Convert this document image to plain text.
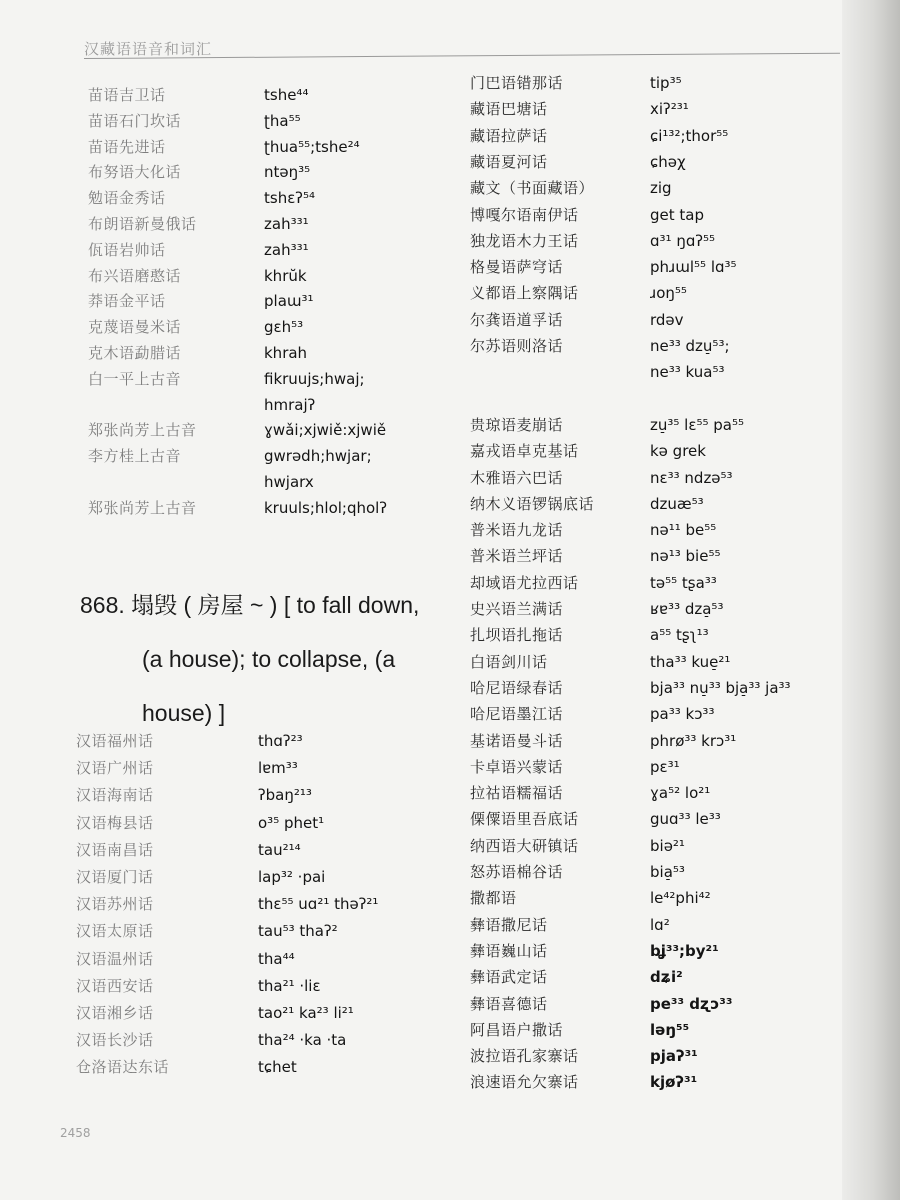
汉藏语语音和词汇
苗语吉卫话	tshe⁴⁴
苗语石门坎话	ʈha⁵⁵
苗语先进话	ʈhua⁵⁵;tshe²⁴
布努语大化话	ntəŋ³⁵
勉语金秀话	tshɛʔ⁵⁴
布朗语新曼俄话	zah³³¹
佤语岩帅话	zah³³¹
布兴语磨憨话	khrŭk
莽语金平话	plaɯ³¹
克蔑语曼米话	gɛh⁵³
克木语勐腊话	khrah
白一平上古音	fikruujs;hwaj;
hmrajʔ
郑张尚芳上古音	ɣwǎi;xjwiě:xjwiě
李方桂上古音	gwrədh;hwjar;
hwjarx
郑张尚芳上古音	kruuls;hlol;qholʔ
868. 塌毁 ( 房屋 ~ ) [ to fall down,
(a house); to collapse, (a
house) ]
汉语福州话	thɑʔ²³
汉语广州话	lɐm³³
汉语海南话	ʔbaŋ²¹³
汉语梅县话	o³⁵ phet¹
汉语南昌话	tau²¹⁴
汉语厦门话	lap³² ·pai
汉语苏州话	thɛ⁵⁵ uɑ²¹ thəʔ²¹
汉语太原话	tau⁵³ thaʔ²
汉语温州话	tha⁴⁴
汉语西安话	tha²¹ ·liɛ
汉语湘乡话	tao²¹ ka²³ li²¹
汉语长沙话	tha²⁴ ·ka ·ta
仓洛语达东话	tɕhet
门巴语错那话	tip³⁵
藏语巴塘话	xiʔ²³¹
藏语拉萨话	ɕi¹³²;thor⁵⁵
藏语夏河话	ɕhəχ
藏文（书面藏语）	zig
博嘎尔语南伊话	get tap
独龙语木力王话	ɑ³¹ ŋɑʔ⁵⁵
格曼语萨穹话	phɹɯl⁵⁵ lɑ³⁵
义都语上察隅话	ɹoŋ⁵⁵
尔龚语道孚话	rdəv
尔苏语则洛话	ne³³ dzu̠⁵³;
ne³³ kua⁵³
贵琼语麦崩话	zu̠³⁵ lɛ⁵⁵ pa⁵⁵
嘉戎语卓克基话	kə grek
木雅语六巴话	nɛ³³ ndzə⁵³
纳木义语锣锅底话	dzuæ⁵³
普米语九龙话	nə¹¹ be⁵⁵
普米语兰坪话	nə¹³ bie⁵⁵
却域语尤拉西话	tə⁵⁵ tʂa³³
史兴语兰满话	ʁɐ³³ dza̠⁵³
扎坝语扎拖话	a⁵⁵ tʂʅ¹³
白语剑川话	tha³³ kue̠²¹
哈尼语绿春话	bja³³ nu̠³³ bja̠³³ ja³³
哈尼语墨江话	pa³³ kɔ³³
基诺语曼斗话	phrø³³ krɔ³¹
卡卓语兴蒙话	pɛ³¹
拉祜语糯福话	ɣa⁵² lo²¹
傈僳语里吾底话	guɑ³³ le³³
纳西语大研镇话	biə²¹
怒苏语棉谷话	bia̠⁵³
撒都语	le⁴²phi⁴²
彝语撒尼话	lɑ²
彝语巍山话	bʝ³³;by²¹
彝语武定话	dʑi²
彝语喜德话	pe³³ dʐɔ³³
阿昌语户撒话	ləŋ⁵⁵
波拉语孔家寨话	pjaʔ³¹
浪速语允欠寨话	kjøʔ³¹
2458
